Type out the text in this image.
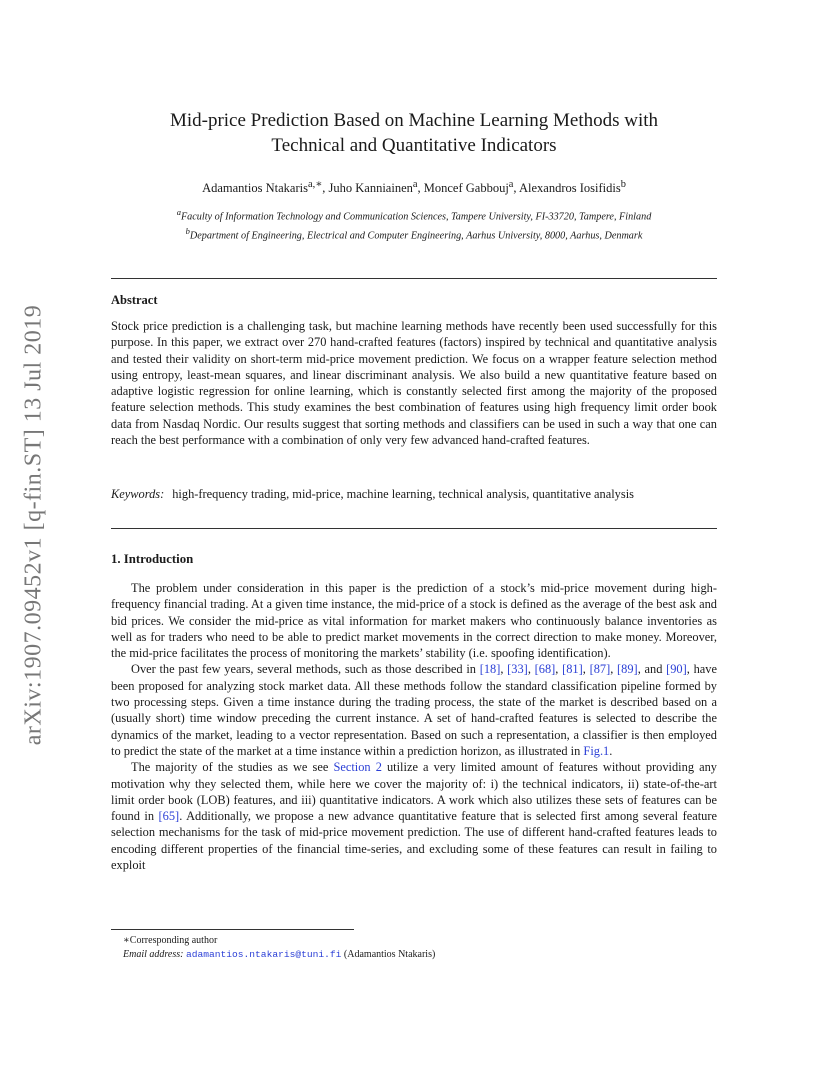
arXiv:1907.09452v1 [q-fin.ST] 13 Jul 2019
Mid-price Prediction Based on Machine Learning Methods with
Technical and Quantitative Indicators
Adamantios Ntakaris$^{a,∗}$, Juho Kanniainen$^a$, Moncef Gabbouj$^a$, Alexandros Iosifidis$^b$
$^a$Faculty of Information Technology and Communication Sciences, Tampere University, FI-33720, Tampere, Finland
$^b$Department of Engineering, Electrical and Computer Engineering, Aarhus University, 8000, Aarhus, Denmark
Abstract
Stock price prediction is a challenging task, but machine learning methods have recently been used successfully for this purpose. In this paper, we extract over 270 hand-crafted features (factors) inspired by technical and quantitative analysis and tested their validity on short-term mid-price movement prediction. We focus on a wrapper feature selection method using entropy, least-mean squares, and linear discriminant analysis. We also build a new quantitative feature based on adaptive logistic regression for online learning, which is constantly selected first among the majority of the proposed feature selection methods. This study examines the best combination of features using high frequency limit order book data from Nasdaq Nordic. Our results suggest that sorting methods and classifiers can be used in such a way that one can reach the best performance with a combination of only very few advanced hand-crafted features.
Keywords: high-frequency trading, mid-price, machine learning, technical analysis, quantitative analysis
1. Introduction

The problem under consideration in this paper is the prediction of a stock’s mid-price movement during high-frequency financial trading. At a given time instance, the mid-price of a stock is defined as the average of the best ask and bid prices. We consider the mid-price as vital information for market makers who continuously balance inventories as well as for traders who need to be able to predict market movements in the correct direction to make money. Moreover, the mid-price facilitates the process of monitoring the markets’ stability (i.e. spoofing identification).

Over the past few years, several methods, such as those described in [18], [33], [68], [81], [87], [89], and [90], have been proposed for analyzing stock market data. All these methods follow the standard classification pipeline formed by two processing steps. Given a time instance during the trading process, the state of the market is described based on a (usually short) time window preceding the current instance. A set of hand-crafted features is selected to describe the dynamics of the market, leading to a vector representation. Based on such a representation, a classifier is then employed to predict the state of the market at a time instance within a prediction horizon, as illustrated in Fig.1.

The majority of the studies as we see Section 2 utilize a very limited amount of features without providing any motivation why they selected them, while here we cover the majority of: i) the technical indicators, ii) state-of-the-art limit order book (LOB) features, and iii) quantitative indicators. A work which also utilizes these sets of features can be found in [65]. Additionally, we propose a new advance quantitative feature that is selected first among several feature selection mechanisms for the task of mid-price movement prediction. The use of different hand-crafted features leads to encoding different properties of the financial time-series, and excluding some of these features can result in failing to exploit

∗Corresponding author
Email address: adamantios.ntakaris@tuni.fi (Adamantios Ntakaris)
